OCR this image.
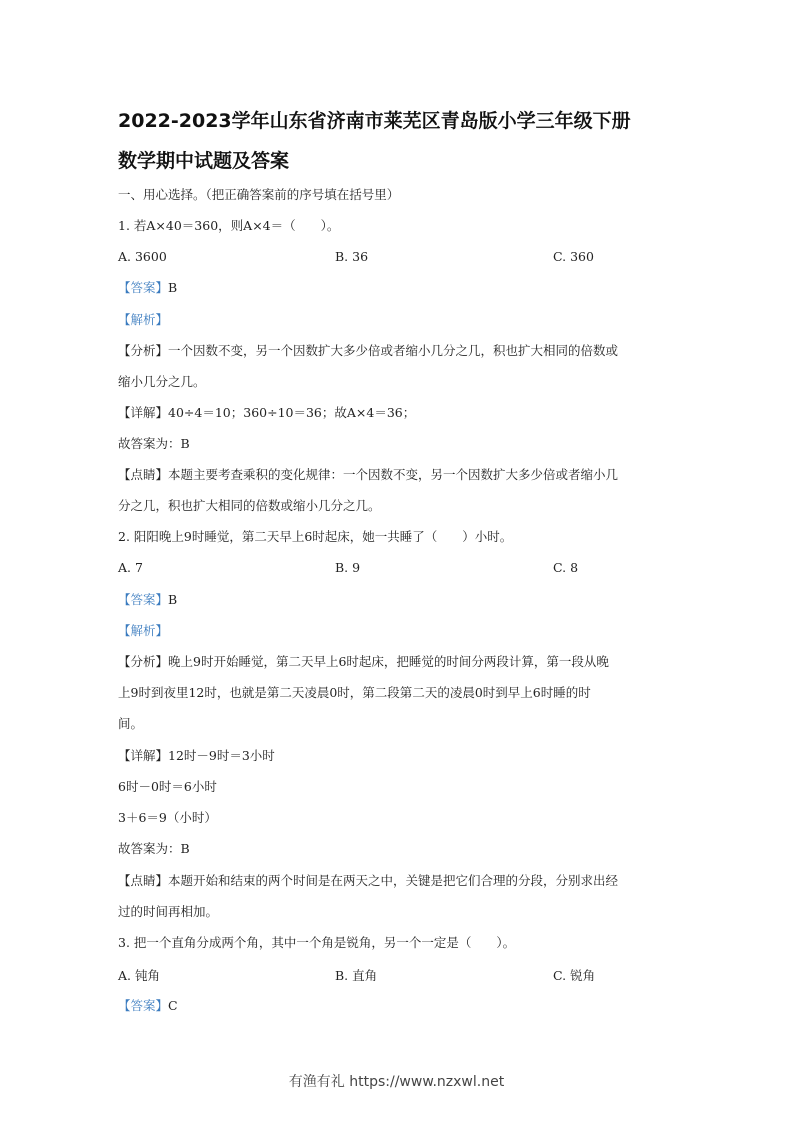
2022-2023学年山东省济南市莱芜区青岛版小学三年级下册
数学期中试题及答案
一、用心选择。（把正确答案前的序号填在括号里）
1. 若A×40＝360，则A×4＝（　　）。
A. 3600	B. 36	C. 360
【答案】B
【解析】
【分析】一个因数不变，另一个因数扩大多少倍或者缩小几分之几，积也扩大相同的倍数或
缩小几分之几。
【详解】40÷4＝10；360÷10＝36；故A×4＝36；
故答案为：B
【点睛】本题主要考查乘积的变化规律：一个因数不变，另一个因数扩大多少倍或者缩小几
分之几，积也扩大相同的倍数或缩小几分之几。
2. 阳阳晚上9时睡觉，第二天早上6时起床，她一共睡了（　　）小时。
A. 7	B. 9	C. 8
【答案】B
【解析】
【分析】晚上9时开始睡觉，第二天早上6时起床，把睡觉的时间分两段计算，第一段从晚
上9时到夜里12时，也就是第二天凌晨0时，第二段第二天的凌晨0时到早上6时睡的时
间。
【详解】12时－9时＝3小时
6时－0时＝6小时
3＋6＝9（小时）
故答案为：B
【点睛】本题开始和结束的两个时间是在两天之中，关键是把它们合理的分段，分别求出经
过的时间再相加。
3. 把一个直角分成两个角，其中一个角是锐角，另一个一定是（　　）。
A. 钝角	B. 直角	C. 锐角
【答案】C
有渔有礼 https://www.nzxwl.net
